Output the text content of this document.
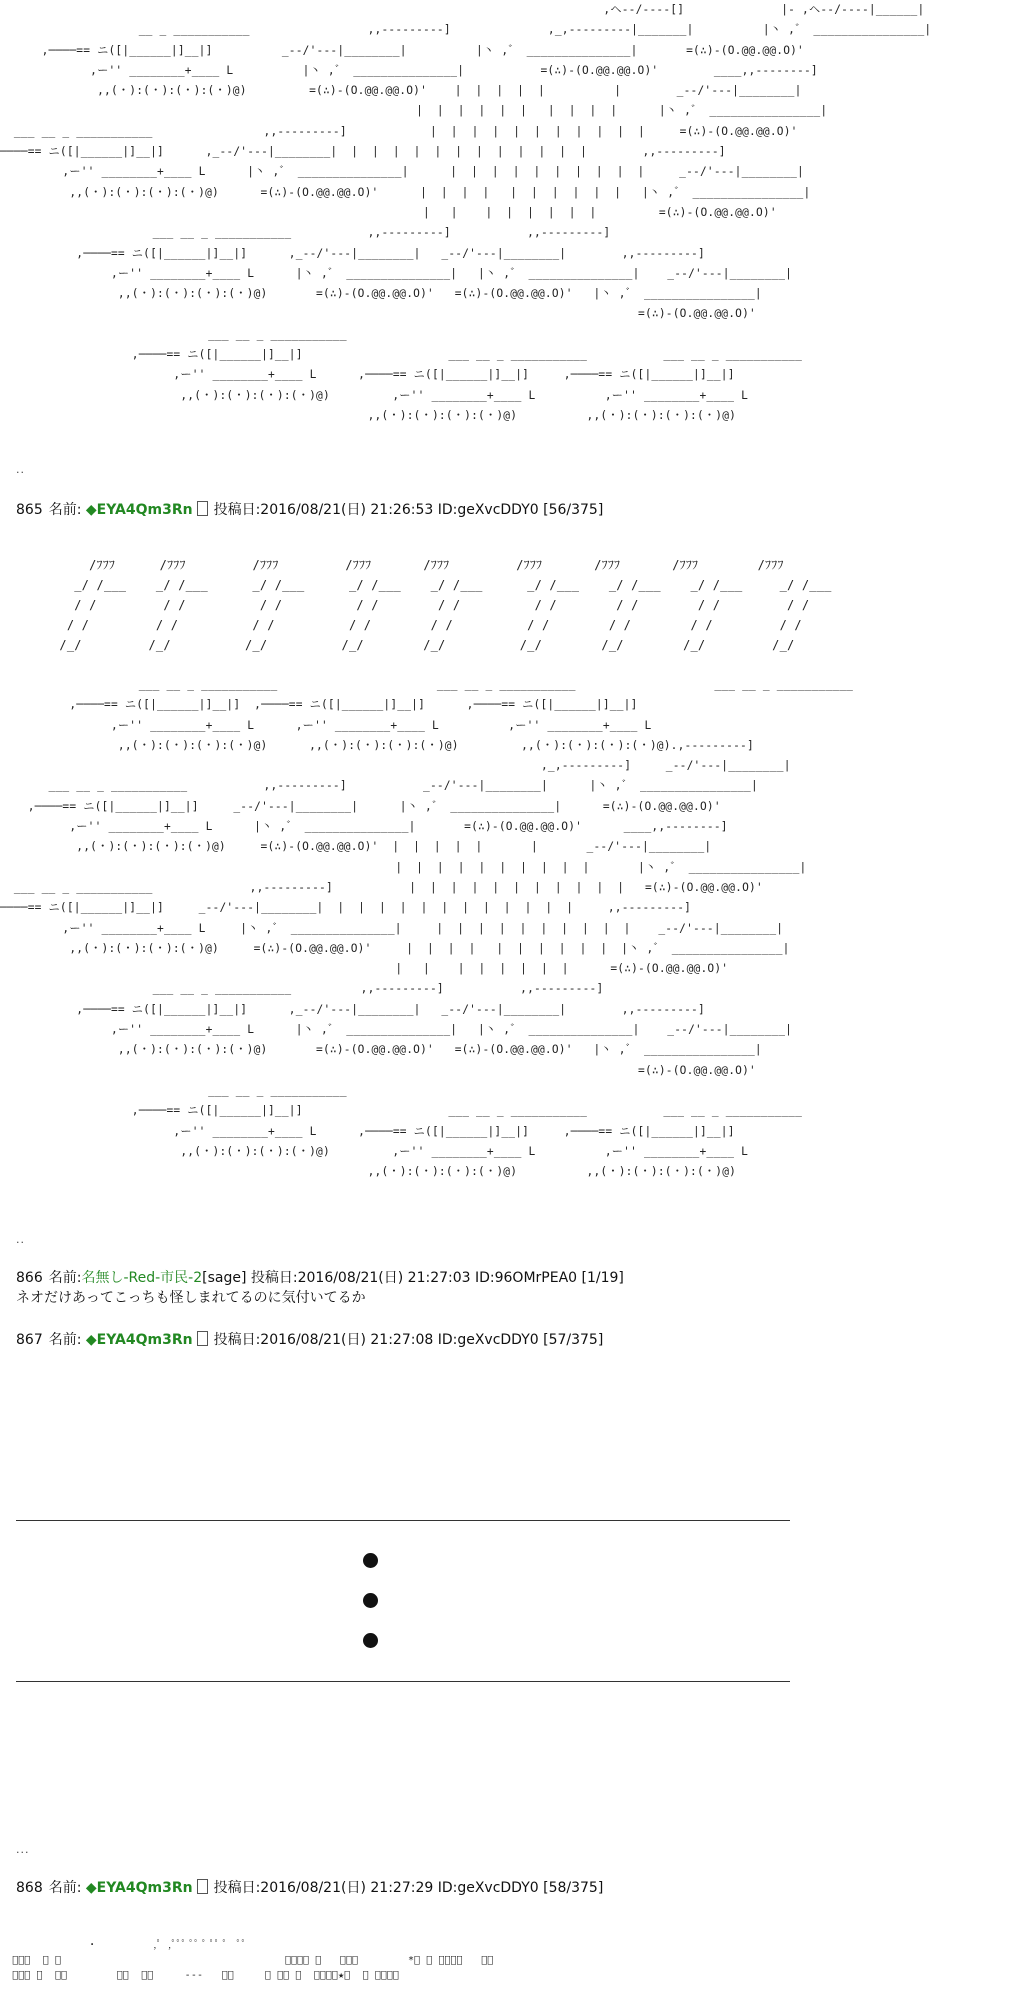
,ヘ‐‐/‐‐‐‐[]              |‐ ,ヘ‐‐/‐‐‐‐|______|
__ _ ___________                 ,,‐‐‐‐‐‐‐‐‐]              ,_,‐‐‐‐‐‐‐‐‐|_______|          |丶 ,゛ ________________|
,────== ニ([|______|]__|]          _‐‐/'‐‐‐|________|          |丶 ,゛ _______________|       =(∴)‐(O.@@.@@.O)'
,ー'' ________+____ L          |丶 ,゛ _______________|           =(∴)‐(O.@@.@@.O)'        ____,,‐‐‐‐‐‐‐‐]
,,(・):(・):(・):(・)@)         =(∴)‐(O.@@.@@.O)'    |  |  |  |  |          |        _‐‐/'‐‐‐|________|
|  |  |  |  |  |   |  |  |  |      |丶 ,゛ ________________|
___ __ _ ___________                ,,‐‐‐‐‐‐‐‐‐]            |  |  |  |  |  |  |  |  |  |  |     =(∴)‐(O.@@.@@.O)'
────== ニ([|______|]__|]      ,_‐‐/'‐‐‐|________|  |  |  |  |  |  |  |  |  |  |  |  |        ,,‐‐‐‐‐‐‐‐‐]
,ー'' ________+____ L      |丶 ,゛ _______________|      |  |  |  |  |  |  |  |  |  |     _‐‐/'‐‐‐|________|
,,(・):(・):(・):(・)@)      =(∴)‐(O.@@.@@.O)'      |  |  |  |   |  |  |  |  |  |   |丶 ,゛ ________________|
|   |    |  |  |  |  |  |         =(∴)‐(O.@@.@@.O)'
___ __ _ ___________           ,,‐‐‐‐‐‐‐‐‐]           ,,‐‐‐‐‐‐‐‐‐]
,────== ニ([|______|]__|]      ,_‐‐/'‐‐‐|________|   _‐‐/'‐‐‐|________|        ,,‐‐‐‐‐‐‐‐‐]
,ー'' ________+____ L      |丶 ,゛ _______________|   |丶 ,゛ _______________|    _‐‐/'‐‐‐|________|
,,(・):(・):(・):(・)@)       =(∴)‐(O.@@.@@.O)'   =(∴)‐(O.@@.@@.O)'   |丶 ,゛ ________________|
=(∴)‐(O.@@.@@.O)'
___ __ _ ___________
,────== ニ([|______|]__|]                     ___ __ _ ___________           ___ __ _ ___________
,ー'' ________+____ L      ,────== ニ([|______|]__|]     ,────== ニ([|______|]__|]
,,(・):(・):(・):(・)@)         ,ー'' ________+____ L          ,ー'' ________+____ L
,,(・):(・):(・):(・)@)          ,,(・):(・):(・):(・)@)
..
865 名前: ◆EYA4Qm3Rn 投稿日:2016/08/21(日) 21:26:53 ID:geXvcDDY0 [56/375]
/ﾌﾌﾌ      /ﾌﾌﾌ         /ﾌﾌﾌ         /ﾌﾌﾌ       /ﾌﾌﾌ         /ﾌﾌﾌ       /ﾌﾌﾌ       /ﾌﾌﾌ        /ﾌﾌﾌ
_/ /___    _/ /___      _/ /___      _/ /___    _/ /___      _/ /___    _/ /___    _/ /___     _/ /___
/ /         / /          / /          / /        / /          / /        / /        / /         / /
/ /         / /          / /          / /        / /          / /        / /        / /         / /
/_/         /_/          /_/          /_/        /_/          /_/        /_/        /_/         /_/
___ __ _ ___________                       ___ __ _ ___________                    ___ __ _ ___________
,────== ニ([|______|]__|]  ,────== ニ([|______|]__|]      ,────== ニ([|______|]__|]
,ー'' ________+____ L      ,ー'' ________+____ L          ,ー'' ________+____ L
,,(・):(・):(・):(・)@)      ,,(・):(・):(・):(・)@)         ,,(・):(・):(・):(・)@).,‐‐‐‐‐‐‐‐‐]
,_,‐‐‐‐‐‐‐‐‐]     _‐‐/'‐‐‐|________|
___ __ _ ___________           ,,‐‐‐‐‐‐‐‐‐]           _‐‐/'‐‐‐|________|      |丶 ,゛ ________________|
,────== ニ([|______|]__|]     _‐‐/'‐‐‐|________|      |丶 ,゛ _______________|      =(∴)‐(O.@@.@@.O)'
,ー'' ________+____ L      |丶 ,゛ _______________|       =(∴)‐(O.@@.@@.O)'      ____,,‐‐‐‐‐‐‐‐]
,,(・):(・):(・):(・)@)     =(∴)‐(O.@@.@@.O)'  |  |  |  |  |       |       _‐‐/'‐‐‐|________|
|  |  |  |  |  |  |  |  |  |       |丶 ,゛ ________________|
___ __ _ ___________              ,,‐‐‐‐‐‐‐‐‐]           |  |  |  |  |  |  |  |  |  |  |   =(∴)‐(O.@@.@@.O)'
────== ニ([|______|]__|]     _‐‐/'‐‐‐|________|  |  |  |  |  |  |  |  |  |  |  |  |     ,,‐‐‐‐‐‐‐‐‐]
,ー'' ________+____ L     |丶 ,゛ _______________|     |  |  |  |  |  |  |  |  |  |    _‐‐/'‐‐‐|________|
,,(・):(・):(・):(・)@)     =(∴)‐(O.@@.@@.O)'     |  |  |  |   |  |  |  |  |  |  |丶 ,゛ ________________|
|   |    |  |  |  |  |  |      =(∴)‐(O.@@.@@.O)'
___ __ _ ___________          ,,‐‐‐‐‐‐‐‐‐]           ,,‐‐‐‐‐‐‐‐‐]
,────== ニ([|______|]__|]      ,_‐‐/'‐‐‐|________|   _‐‐/'‐‐‐|________|        ,,‐‐‐‐‐‐‐‐‐]
,ー'' ________+____ L      |丶 ,゛ _______________|   |丶 ,゛ _______________|    _‐‐/'‐‐‐|________|
,,(・):(・):(・):(・)@)       =(∴)‐(O.@@.@@.O)'   =(∴)‐(O.@@.@@.O)'   |丶 ,゛ ________________|
=(∴)‐(O.@@.@@.O)'
___ __ _ ___________
,────== ニ([|______|]__|]                     ___ __ _ ___________           ___ __ _ ___________
,ー'' ________+____ L      ,────== ニ([|______|]__|]     ,────== ニ([|______|]__|]
,,(・):(・):(・):(・)@)         ,ー'' ________+____ L          ,ー'' ________+____ L
,,(・):(・):(・):(・)@)          ,,(・):(・):(・):(・)@)
..
866 名前:名無し-Red-市民-2[sage] 投稿日:2016/08/21(日) 21:27:03 ID:96OMrPEA0 [1/19]
ネオだけあってこっちも怪しまれてるのに気付いてるか
867 名前: ◆EYA4Qm3Rn 投稿日:2016/08/21(日) 21:27:08 ID:geXvcDDY0 [57/375]
...
868 名前: ◆EYA4Qm3Rn 投稿日:2016/08/21(日) 21:27:29 ID:geXvcDDY0 [58/375]
・         ,ﾟ ,ﾟﾟﾟ ﾟﾟ ﾟ ﾟﾟ ﾟ  ﾟﾟ
ﾟﾟﾟ  ﾟ ﾟ                                    ﾟﾟﾟﾟ ﾟ   ﾟﾟﾟ        *ﾟ ﾟ ﾟﾟﾟﾟ   ﾟﾟ
ﾟﾟﾟ ﾟ  ﾟﾟ        ﾟﾟ  ﾟﾟ     ‐‐‐   ﾟﾟ     ﾟ ﾟﾟ ﾟ  ﾟﾟﾟﾟ★ﾟ  ﾟ ﾟﾟﾟﾟ
